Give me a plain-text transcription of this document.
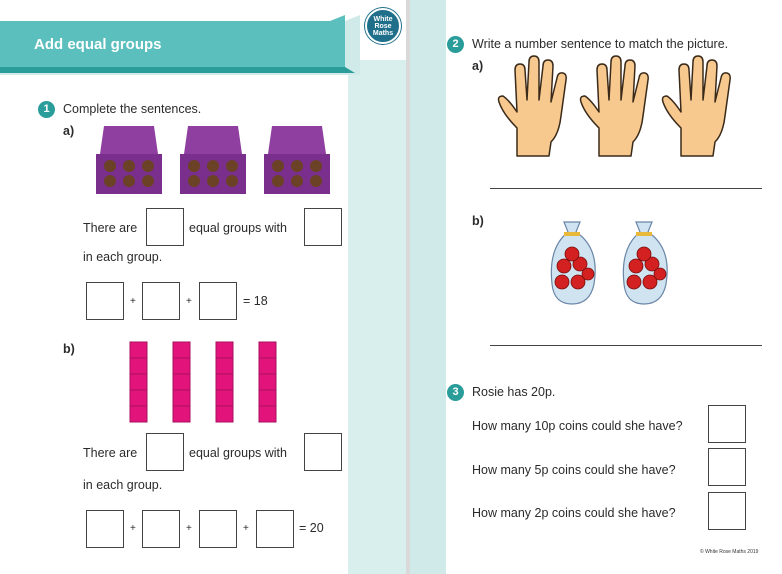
Add equal groups
White
Rose
Maths
1	Complete the sentences.
a)
There are	equal groups with
in each group.
+	+	= 18
b)
There are	equal groups with
in each group.
+	+	+	= 20
2	Write a number sentence to match the picture.
a)
b)
3	Rosie has 20p.
How many 10p coins could she have?
How many 5p coins could she have?
How many 2p coins could she have?
© White Rose Maths 2019
